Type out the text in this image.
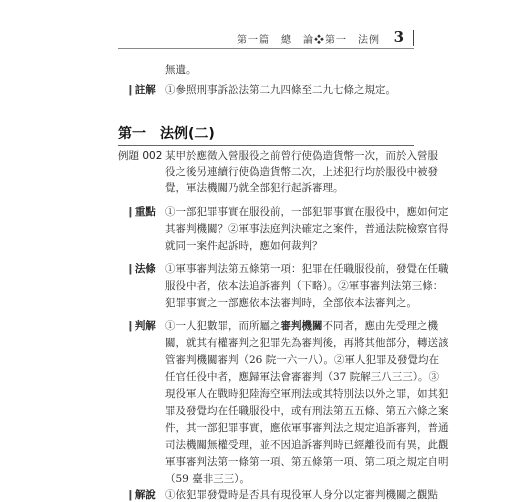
第一篇　總　論❖第一　法例 3
無遺。
❙註解 ①參照刑事訴訟法第二九四條至二九七條之規定。
第一　法例(二)
例題 002 某甲於應徵入營服役之前曾行使偽造貨幣一次，而於入營服
役之後另連續行使偽造貨幣二次，上述犯行均於服役中被發
覺，軍法機關乃就全部犯行起訴審理。
❙重點 ①一部犯罪事實在服役前，一部犯罪事實在服役中，應如何定
其審判機關？②軍事法庭判決確定之案件，普通法院檢察官得
就同一案件起訴時，應如何裁判？
❙法條 ①軍事審判法第五條第一項：犯罪在任職服役前，發覺在任職
服役中者，依本法追訴審判（下略）。②軍事審判法第三條：
犯罪事實之一部應依本法審判時，全部依本法審判之。
❙判解 ①一人犯數罪，而所屬之審判機關不同者，應由先受理之機
關，就其有權審判之犯罪先為審判後，再將其他部分，轉送該
管審判機關審判（26 院一六一八）。②軍人犯罪及發覺均在
任官任役中者，應歸軍法會審審判（37 院解三八三三）。③
現役軍人在戰時犯陸海空軍刑法或其特別法以外之罪，如其犯
罪及發覺均在任職服役中，或有刑法第五五條、第五六條之案
件，其一部犯罪事實，應依軍事審判法之規定追訴審判，普通
司法機關無權受理，並不因追訴審判時已經離役而有異，此觀
軍事審判法第一條第一項、第五條第一項、第二項之規定自明
（59 臺非三三）。
❙解說 ①依犯罪發覺時是否具有現役軍人身分以定審判機關之觀點
